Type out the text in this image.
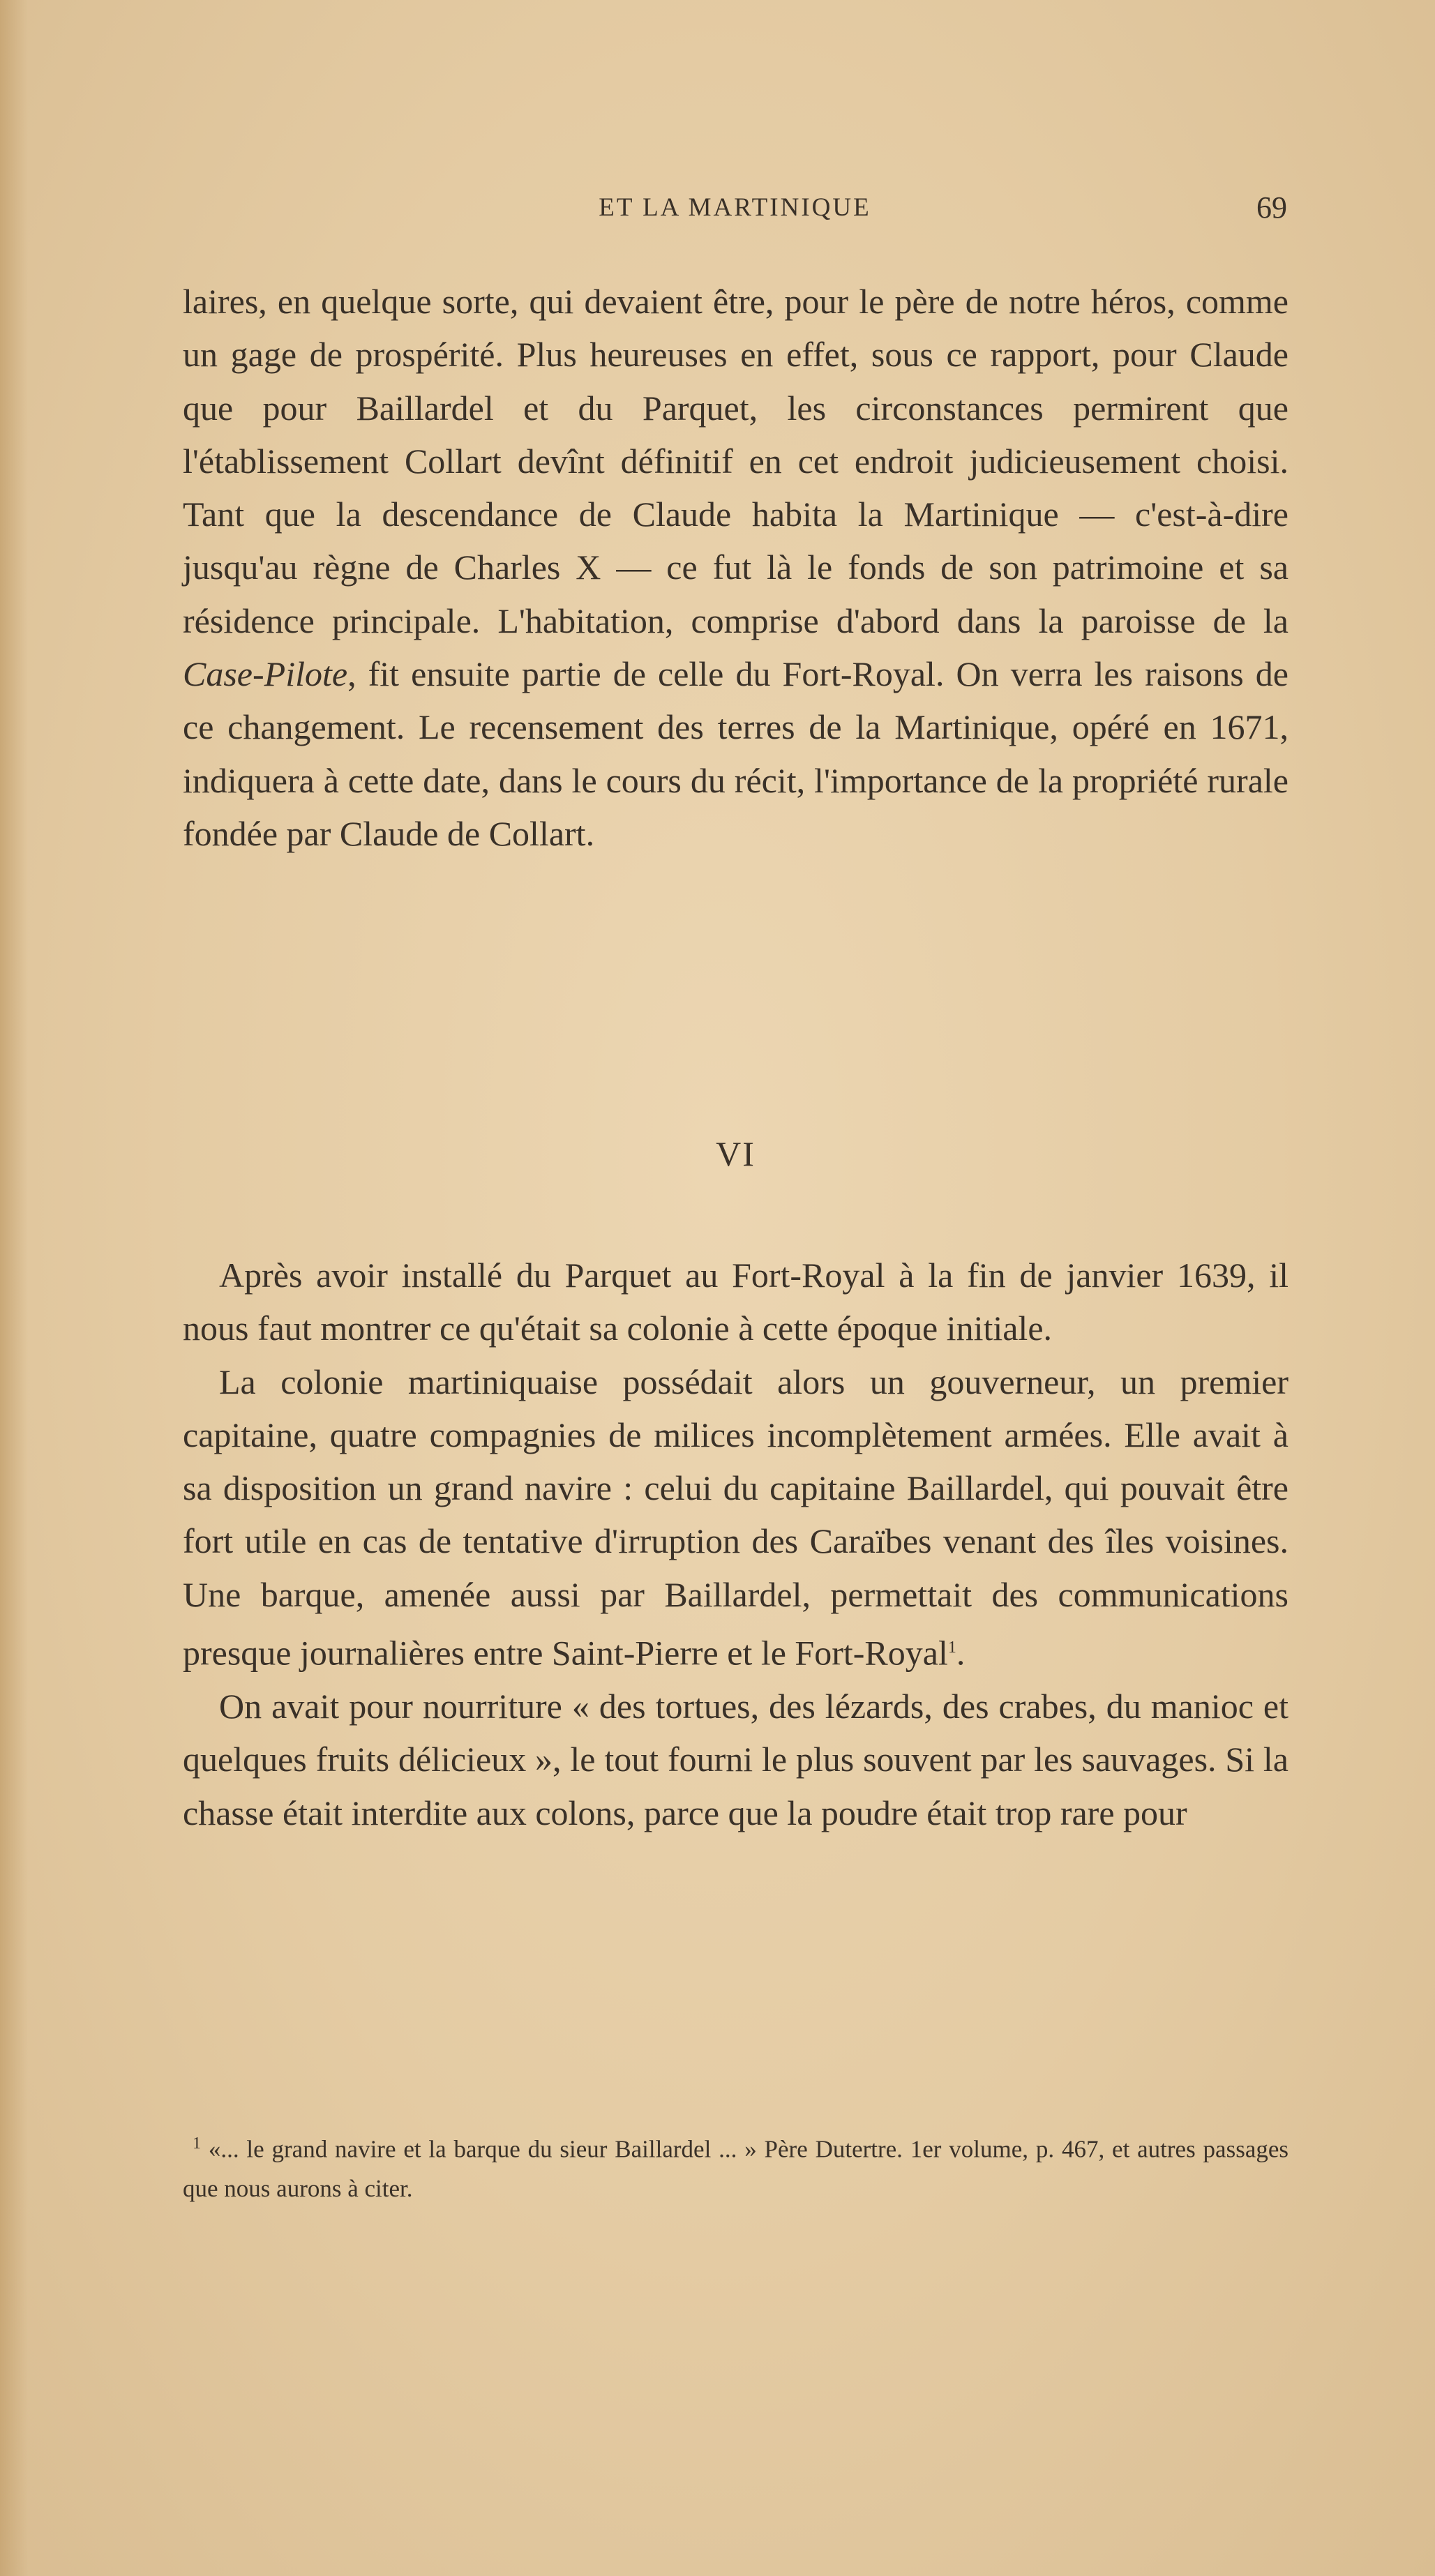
ET LA MARTINIQUE	69

laires, en quelque sorte, qui devaient être, pour le père de notre héros, comme un gage de prospérité. Plus heureuses en effet, sous ce rapport, pour Claude que pour Baillardel et du Parquet, les circonstances permirent que l'établissement Collart devînt définitif en cet endroit judicieusement choisi. Tant que la descendance de Claude habita la Martinique — c'est-à-dire jusqu'au règne de Charles X — ce fut là le fonds de son patrimoine et sa résidence principale. L'habitation, comprise d'abord dans la paroisse de la Case-Pilote, fit ensuite partie de celle du Fort-Royal. On verra les raisons de ce changement. Le recensement des terres de la Martinique, opéré en 1671, indiquera à cette date, dans le cours du récit, l'importance de la propriété rurale fondée par Claude de Collart.

VI

Après avoir installé du Parquet au Fort-Royal à la fin de janvier 1639, il nous faut montrer ce qu'était sa colonie à cette époque initiale.

La colonie martiniquaise possédait alors un gouverneur, un premier capitaine, quatre compagnies de milices incomplètement armées. Elle avait à sa disposition un grand navire : celui du capitaine Baillardel, qui pouvait être fort utile en cas de tentative d'irruption des Caraïbes venant des îles voisines. Une barque, amenée aussi par Baillardel, permettait des communications presque journalières entre Saint-Pierre et le Fort-Royal$^1$.

On avait pour nourriture « des tortues, des lézards, des crabes, du manioc et quelques fruits délicieux », le tout fourni le plus souvent par les sauvages. Si la chasse était interdite aux colons, parce que la poudre était trop rare pour

$^1$ «... le grand navire et la barque du sieur Baillardel ... » Père Dutertre. 1er volume, p. 467, et autres passages que nous aurons à citer.
